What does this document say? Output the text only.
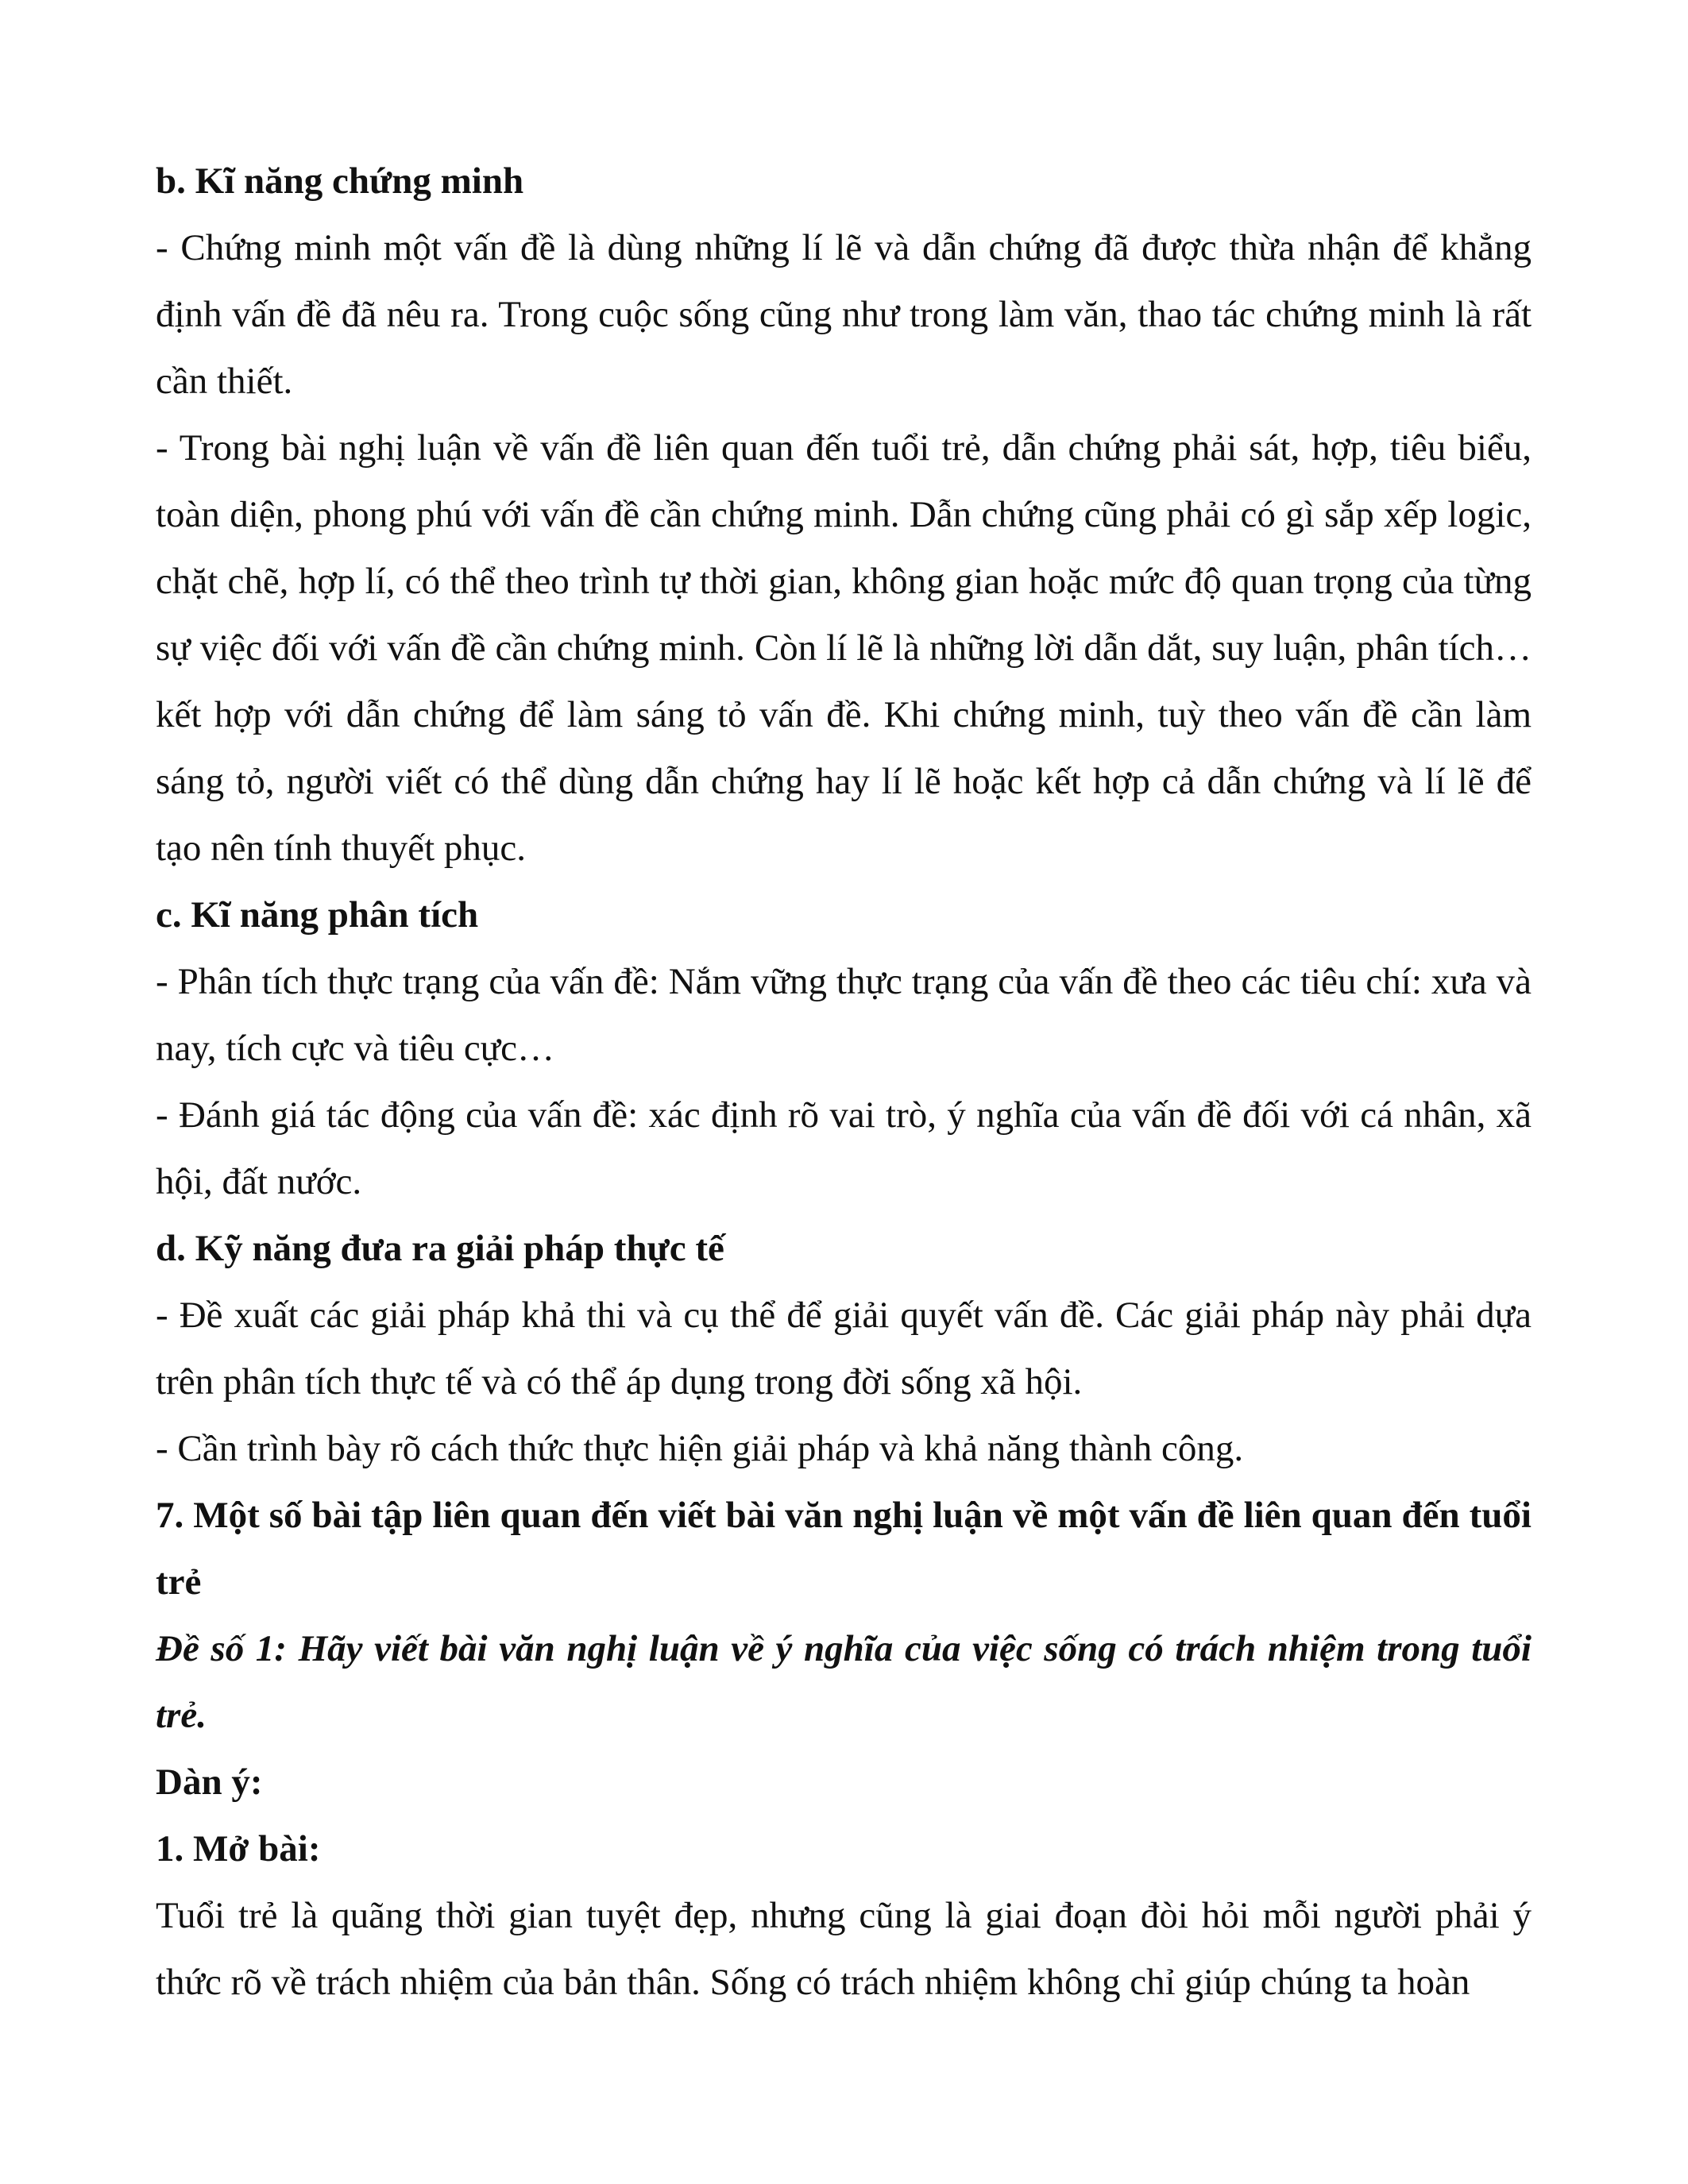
b. Kĩ năng chứng minh

- Chứng minh một vấn đề là dùng những lí lẽ và dẫn chứng đã được thừa nhận để khẳng định vấn đề đã nêu ra. Trong cuộc sống cũng như trong làm văn, thao tác chứng minh là rất cần thiết.

- Trong bài nghị luận về vấn đề liên quan đến tuổi trẻ, dẫn chứng phải sát, hợp, tiêu biểu, toàn diện, phong phú với vấn đề cần chứng minh. Dẫn chứng cũng phải có gì sắp xếp logic, chặt chẽ, hợp lí, có thể theo trình tự thời gian, không gian hoặc mức độ quan trọng của từng sự việc đối với vấn đề cần chứng minh. Còn lí lẽ là những lời dẫn dắt, suy luận, phân tích…kết hợp với dẫn chứng để làm sáng tỏ vấn đề. Khi chứng minh, tuỳ theo vấn đề cần làm sáng tỏ, người viết có thể dùng dẫn chứng hay lí lẽ hoặc kết hợp cả dẫn chứng và lí lẽ để tạo nên tính thuyết phục.

c. Kĩ năng phân tích

- Phân tích thực trạng của vấn đề: Nắm vững thực trạng của vấn đề theo các tiêu chí: xưa và nay, tích cực và tiêu cực…

- Đánh giá tác động của vấn đề: xác định rõ vai trò, ý nghĩa của vấn đề đối với cá nhân, xã hội, đất nước.

d. Kỹ năng đưa ra giải pháp thực tế

- Đề xuất các giải pháp khả thi và cụ thể để giải quyết vấn đề. Các giải pháp này phải dựa trên phân tích thực tế và có thể áp dụng trong đời sống xã hội.

- Cần trình bày rõ cách thức thực hiện giải pháp và khả năng thành công.

7. Một số bài tập liên quan đến viết bài văn nghị luận về một vấn đề liên quan đến tuổi trẻ

Đề số 1: Hãy viết bài văn nghị luận về ý nghĩa của việc sống có trách nhiệm trong tuổi trẻ.

Dàn ý:

1. Mở bài:

Tuổi trẻ là quãng thời gian tuyệt đẹp, nhưng cũng là giai đoạn đòi hỏi mỗi người phải ý thức rõ về trách nhiệm của bản thân. Sống có trách nhiệm không chỉ giúp chúng ta hoàn
